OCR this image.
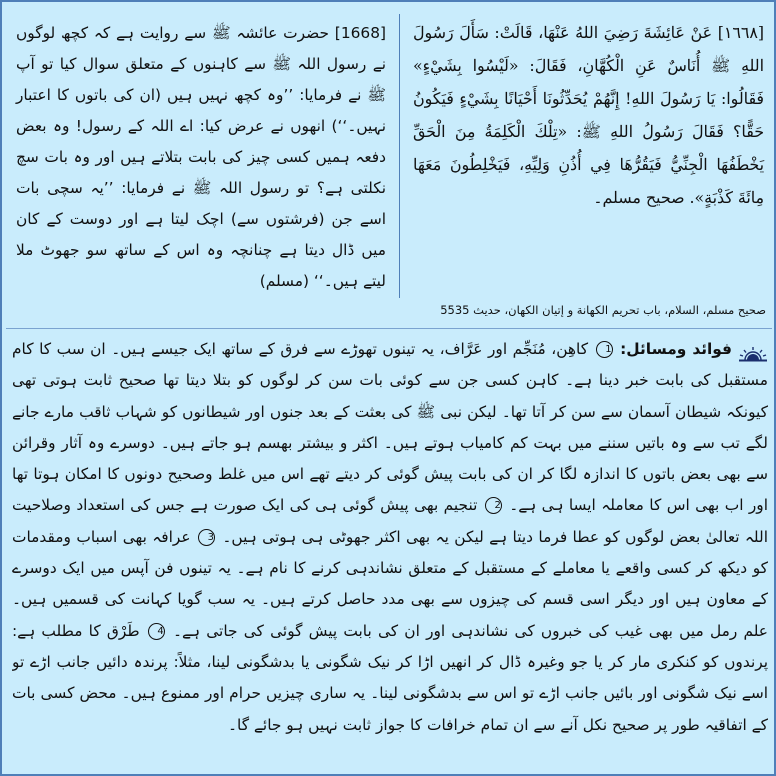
[١٦٦٨] عَنْ عَائِشَةَ رَضِيَ اللهُ عَنْهَا، قَالَتْ: سَأَلَ رَسُولَ اللهِ ﷺ أُنَاسٌ عَنِ الْكُهَّانِ، فَقَالَ: «لَيْسُوا بِشَيْءٍ» فَقَالُوا: يَا رَسُولَ اللهِ! إِنَّهُمْ يُحَدِّثُونَا أَحْيَانًا بِشَيْءٍ فَيَكُونُ حَقًّا؟ فَقَالَ رَسُولُ اللهِ ﷺ: «تِلْكَ الْكَلِمَةُ مِنَ الْحَقِّ يَخْطَفُهَا الْجِنِّيُّ فَيَقُرُّهَا فِي أُذُنِ وَلِيِّهِ، فَيَخْلِطُونَ مَعَهَا مِائَةَ كَذْبَةٍ». صحيح مسلم۔
[1668] حضرت عائشہ ﷺ سے روایت ہے کہ کچھ لوگوں نے رسول اللہ ﷺ سے کاہنوں کے متعلق سوال کیا تو آپ ﷺ نے فرمایا: ’’وہ کچھ نہیں ہیں (ان کی باتوں کا اعتبار نہیں۔‘‘) انھوں نے عرض کیا: اے اللہ کے رسول! وہ بعض دفعہ ہمیں کسی چیز کی بابت بتلاتے ہیں اور وہ بات سچ نکلتی ہے؟ تو رسول اللہ ﷺ نے فرمایا: ’’یہ سچی بات اسے جن (فرشتوں سے) اچک لیتا ہے اور دوست کے کان میں ڈال دیتا ہے چنانچہ وہ اس کے ساتھ سو جھوٹ ملا لیتے ہیں۔‘‘ (مسلم)
صحيح مسلم، السلام، باب تحريم الكهانة و إتيان الكهان، حديث 5535
فوائد ومسائل: 1 کاھِن، مُنَجِّم اور عَرَّاف، یہ تینوں تھوڑے سے فرق کے ساتھ ایک جیسے ہیں۔ ان سب کا کام مستقبل کی بابت خبر دینا ہے۔ کاہن کسی جن سے کوئی بات سن کر لوگوں کو بتلا دیتا تھا صحیح ثابت ہوتی تھی کیونکہ شیطان آسمان سے سن کر آتا تھا۔ لیکن نبی ﷺ کی بعثت کے بعد جنوں اور شیطانوں کو شہاب ثاقب مارے جانے لگے تب سے وہ باتیں سننے میں بہت کم کامیاب ہوتے ہیں۔ اکثر و بیشتر بھسم ہو جاتے ہیں۔ دوسرے وہ آثار وقرائن سے بھی بعض باتوں کا اندازہ لگا کر ان کی بابت پیش گوئی کر دیتے تھے اس میں غلط وصحیح دونوں کا امکان ہوتا تھا اور اب بھی اس کا معاملہ ایسا ہی ہے۔ 2 تنجیم بھی پیش گوئی ہی کی ایک صورت ہے جس کی استعداد وصلاحیت اللہ تعالیٰ بعض لوگوں کو عطا فرما دیتا ہے لیکن یہ بھی اکثر جھوٹی ہی ہوتی ہیں۔ 3 عرافہ بھی اسباب ومقدمات کو دیکھ کر کسی واقعے یا معاملے کے مستقبل کے متعلق نشاندہی کرنے کا نام ہے۔ یہ تینوں فن آپس میں ایک دوسرے کے معاون ہیں اور دیگر اسی قسم کی چیزوں سے بھی مدد حاصل کرتے ہیں۔ یہ سب گویا کہانت کی قسمیں ہیں۔ علم رمل میں بھی غیب کی خبروں کی نشاندہی اور ان کی بابت پیش گوئی کی جاتی ہے۔ 4 طَرْق کا مطلب ہے: پرندوں کو کنکری مار کر یا جو وغیرہ ڈال کر انھیں اڑا کر نیک شگونی یا بدشگونی لینا، مثلاً: پرندہ دائیں جانب اڑے تو اسے نیک شگونی اور بائیں جانب اڑے تو اس سے بدشگونی لینا۔ یہ ساری چیزیں حرام اور ممنوع ہیں۔ محض کسی بات کے اتفاقیہ طور پر صحیح نکل آنے سے ان تمام خرافات کا جواز ثابت نہیں ہو جائے گا۔
